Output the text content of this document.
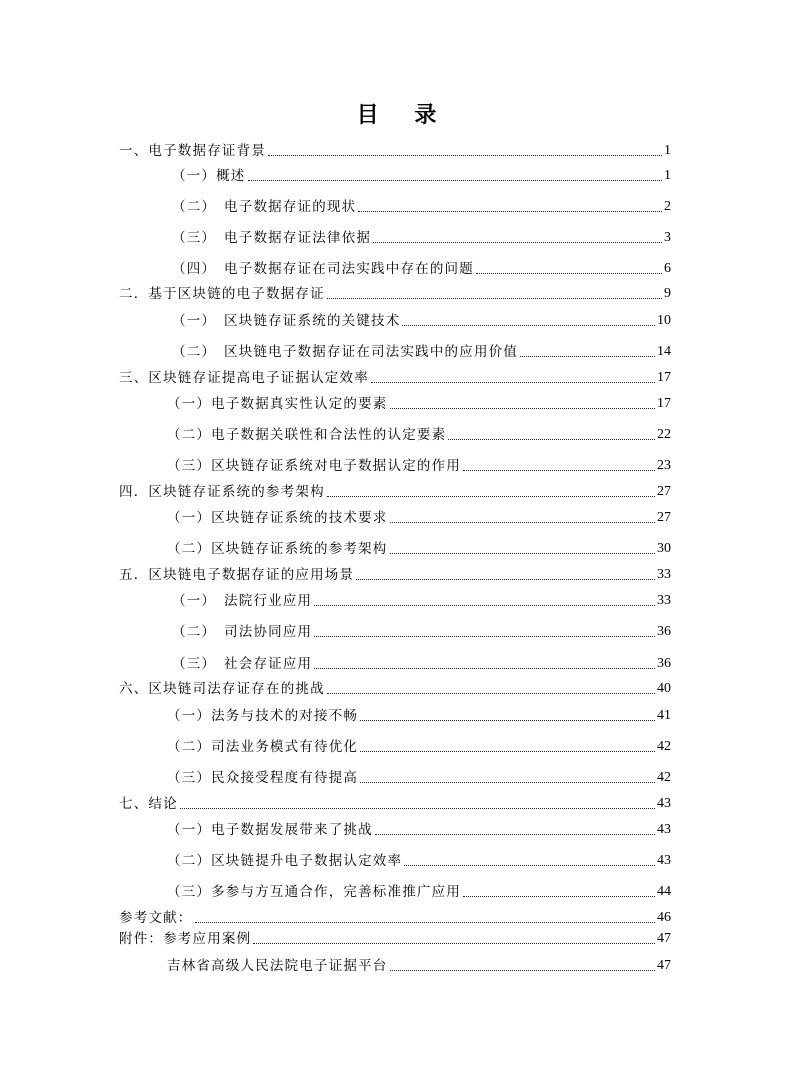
目 录
一、电子数据存证背景	1
（一）概述	1
（二）　电子数据存证的现状	2
（三）　电子数据存证法律依据	3
（四）　电子数据存证在司法实践中存在的问题	6
二．基于区块链的电子数据存证	9
（一）　区块链存证系统的关键技术	10
（二）　区块链电子数据存证在司法实践中的应用价值	14
三、区块链存证提高电子证据认定效率	17
（一）电子数据真实性认定的要素	17
（二）电子数据关联性和合法性的认定要素	22
（三）区块链存证系统对电子数据认定的作用	23
四．区块链存证系统的参考架构	27
（一）区块链存证系统的技术要求	27
（二）区块链存证系统的参考架构	30
五．区块链电子数据存证的应用场景	33
（一）　法院行业应用	33
（二）　司法协同应用	36
（三）　社会存证应用	36
六、区块链司法存证存在的挑战	40
（一）法务与技术的对接不畅	41
（二）司法业务模式有待优化	42
（三）民众接受程度有待提高	42
七、结论	43
（一）电子数据发展带来了挑战	43
（二）区块链提升电子数据认定效率	43
（三）多参与方互通合作，完善标准推广应用	44
参考文献：	46
附件：参考应用案例	47
吉林省高级人民法院电子证据平台	47
